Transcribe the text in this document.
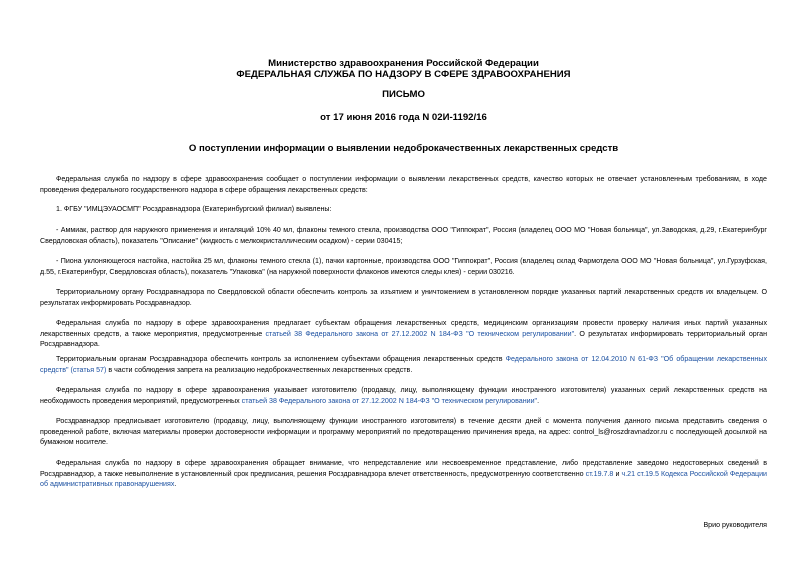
Министерство здравоохранения Российской Федерации
ФЕДЕРАЛЬНАЯ СЛУЖБА ПО НАДЗОРУ В СФЕРЕ ЗДРАВООХРАНЕНИЯ
ПИСЬМО
от 17 июня 2016 года N 02И-1192/16
О поступлении информации о выявлении недоброкачественных лекарственных средств

Федеральная служба по надзору в сфере здравоохранения сообщает о поступлении информации о выявлении лекарственных средств, качество которых не отвечает установленным требованиям, в ходе проведения федерального государственного надзора в сфере обращения лекарственных средств:

1. ФГБУ "ИМЦЭУАОСМП" Росздравнадзора (Екатеринбургский филиал) выявлены:

- Аммиак, раствор для наружного применения и ингаляций 10% 40 мл, флаконы темного стекла, производства ООО "Гиппократ", Россия (владелец ООО МО "Новая больница", ул.Заводская, д.29, г.Екатеринбург Свердловская область), показатель "Описание" (жидкость с мелкокристаллическим осадком) - серии 030415;

- Пиона уклоняющегося настойка, настойка 25 мл, флаконы темного стекла (1), пачки картонные, производства ООО "Гиппократ", Россия (владелец склад Фармотдела ООО МО "Новая больница", ул.Гурзуфская, д.55, г.Екатеринбург, Свердловская область), показатель "Упаковка" (на наружной поверхности флаконов имеются следы клея) - серии 030216.

Территориальному органу Росздравнадзора по Свердловской области обеспечить контроль за изъятием и уничтожением в установленном порядке указанных партий лекарственных средств их владельцем. О результатах информировать Росздравнадзор.

Федеральная служба по надзору в сфере здравоохранения предлагает субъектам обращения лекарственных средств, медицинским организациям провести проверку наличия иных партий указанных лекарственных средств, а также мероприятия, предусмотренные статьей 38 Федерального закона от 27.12.2002 N 184-ФЗ "О техническом регулировании". О результатах информировать территориальный орган Росздравнадзора.

Территориальным органам Росздравнадзора обеспечить контроль за исполнением субъектами обращения лекарственных средств Федерального закона от 12.04.2010 N 61-ФЗ "Об обращении лекарственных средств" (статья 57) в части соблюдения запрета на реализацию недоброкачественных лекарственных средств.

Федеральная служба по надзору в сфере здравоохранения указывает изготовителю (продавцу, лицу, выполняющему функции иностранного изготовителя) указанных серий лекарственных средств на необходимость проведения мероприятий, предусмотренных статьей 38 Федерального закона от 27.12.2002 N 184-ФЗ "О техническом регулировании".

Росздравнадзор предписывает изготовителю (продавцу, лицу, выполняющему функции иностранного изготовителя) в течение десяти дней с момента получения данного письма представить сведения о проведенной работе, включая материалы проверки достоверности информации и программу мероприятий по предотвращению причинения вреда, на адрес: control_ls@roszdravnadzor.ru с последующей досылкой на бумажном носителе.

Федеральная служба по надзору в сфере здравоохранения обращает внимание, что непредставление или несвоевременное представление, либо представление заведомо недостоверных сведений в Росздравнадзор, а также невыполнение в установленный срок предписания, решения Росздравнадзора влечет ответственность, предусмотренную соответственно ст.19.7.8 и ч.21 ст.19.5 Кодекса Российской Федерации об административных правонарушениях.

Врио руководителя
